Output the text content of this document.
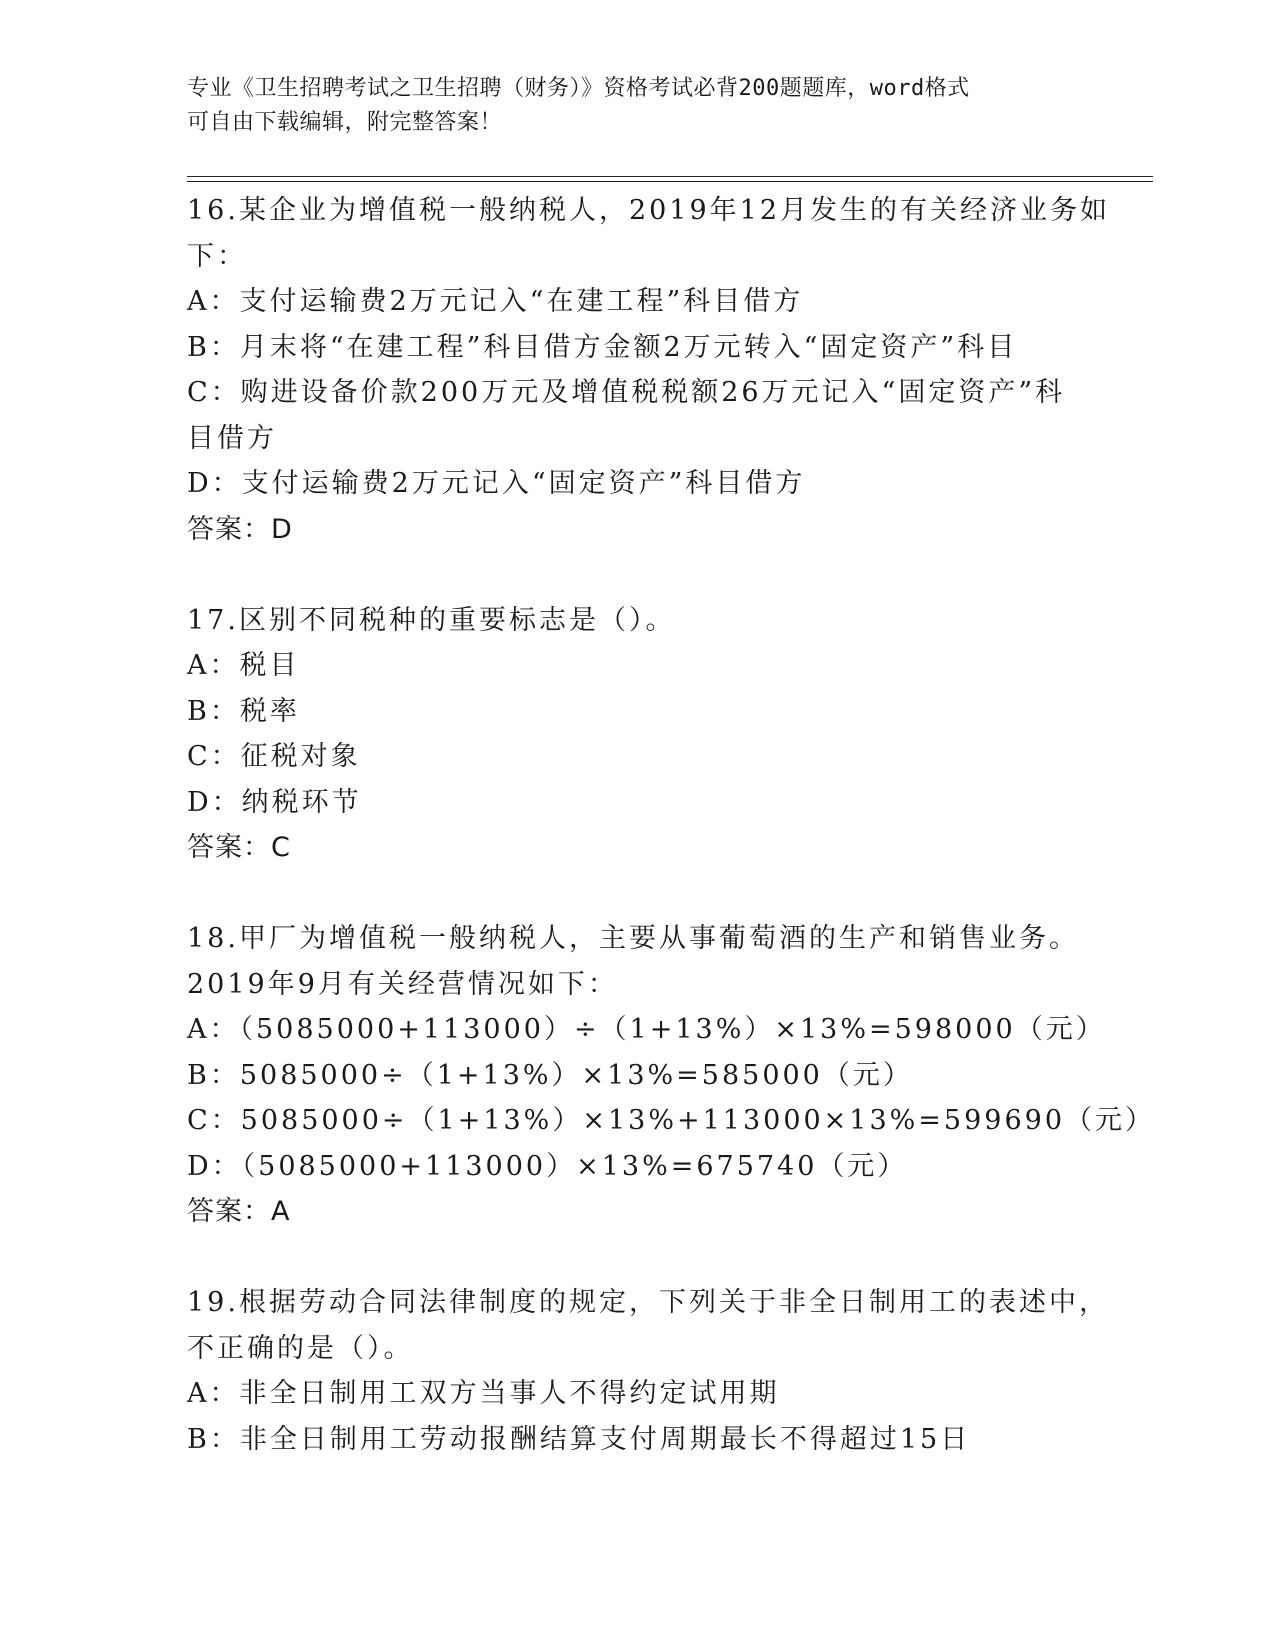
专业《卫生招聘考试之卫生招聘（财务）》资格考试必背200题题库，word格式
可自由下载编辑，附完整答案！
16.某企业为增值税一般纳税人，2019年12月发生的有关经济业务如
下：
A：支付运输费2万元记入“在建工程”科目借方
B：月末将“在建工程”科目借方金额2万元转入“固定资产”科目
C：购进设备价款200万元及增值税税额26万元记入“固定资产”科
目借方
D：支付运输费2万元记入“固定资产”科目借方
答案：D
17.区别不同税种的重要标志是（）。
A：税目
B：税率
C：征税对象
D：纳税环节
答案：C
18.甲厂为增值税一般纳税人，主要从事葡萄酒的生产和销售业务。
2019年9月有关经营情况如下：
A：（5085000+113000）÷（1+13%）×13%=598000（元）
B：5085000÷（1+13%）×13%=585000（元）
C：5085000÷（1+13%）×13%+113000×13%=599690（元）
D：（5085000+113000）×13%=675740（元）
答案：A
19.根据劳动合同法律制度的规定，下列关于非全日制用工的表述中，
不正确的是（）。
A：非全日制用工双方当事人不得约定试用期
B：非全日制用工劳动报酬结算支付周期最长不得超过15日
